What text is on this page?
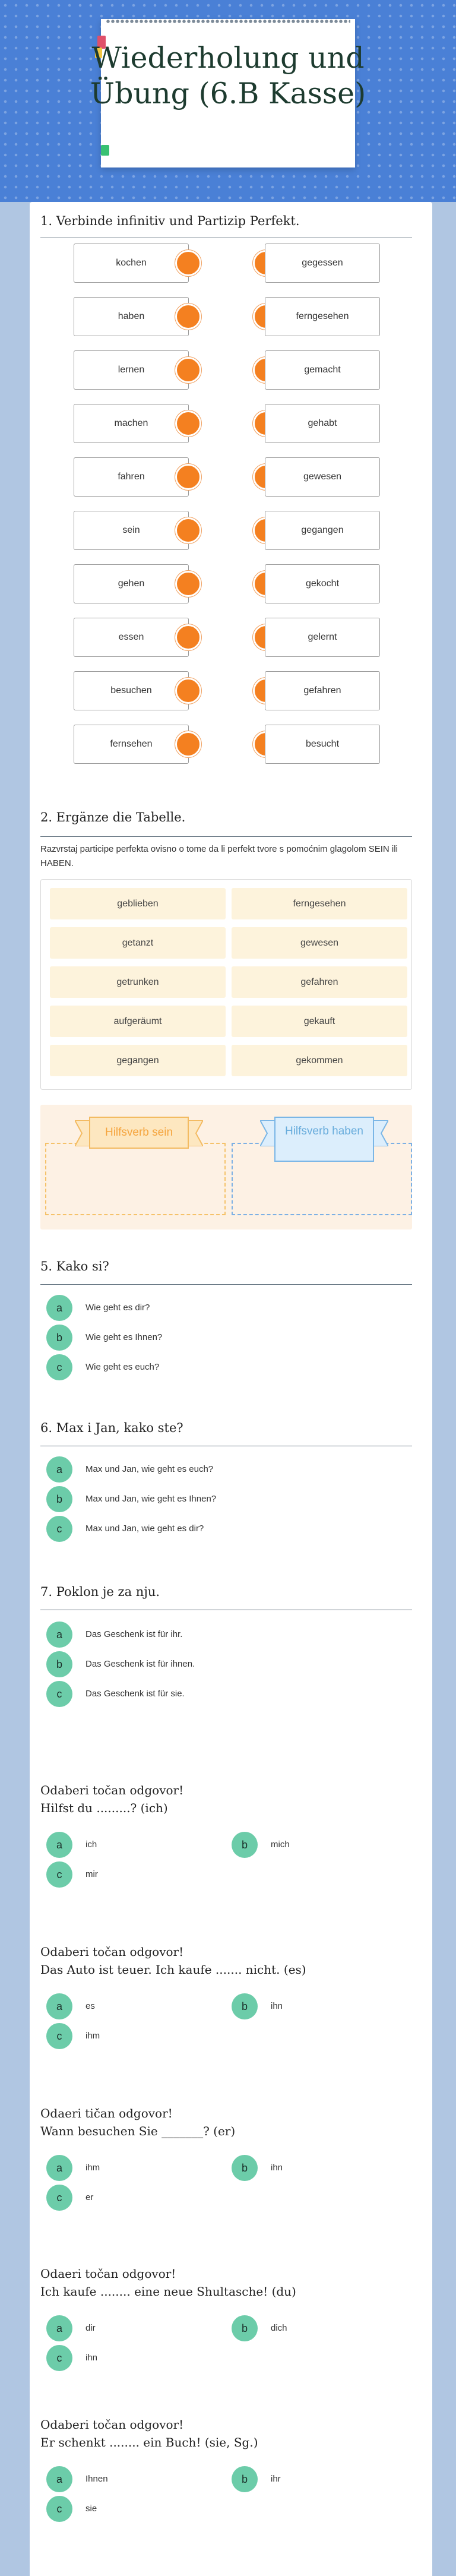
Wiederholung und Übung (6.B Kasse)
1. Verbinde infinitiv und Partizip Perfekt.
kochen	gegessen
haben	ferngesehen
lernen	gemacht
machen	gehabt
fahren	gewesen
sein	gegangen
gehen	gekocht
essen	gelernt
besuchen	gefahren
fernsehen	besucht
2. Ergänze die Tabelle.
Razvrstaj participe perfekta ovisno o tome da li perfekt tvore s pomoćnim glagolom SEIN ili HABEN.
geblieben	ferngesehen
getanzt	gewesen
getrunken	gefahren
aufgeräumt	gekauft
gegangen	gekommen
Hilfsverb sein	Hilfsverb haben
5. Kako si?
a	Wie geht es dir?
b	Wie geht es Ihnen?
c	Wie geht es euch?
6. Max i Jan, kako ste?
a	Max und Jan, wie geht es euch?
b	Max und Jan, wie geht es Ihnen?
c	Max und Jan, wie geht es dir?
7. Poklon je za nju.
a	Das Geschenk ist für ihr.
b	Das Geschenk ist für ihnen.
c	Das Geschenk ist für sie.
Odaberi točan odgovor!
Hilfst du .........? (ich)
a	ich	b	mich
c	mir
Odaberi točan odgovor!
Das Auto ist teuer. Ich kaufe ....... nicht. (es)
a	es	b	ihn
c	ihm
Odaeri tičan odgovor!
Wann besuchen Sie _______? (er)
a	ihm	b	ihn
c	er
Odaeri točan odgovor!
Ich kaufe ........ eine neue Shultasche! (du)
a	dir	b	dich
c	ihn
Odaberi točan odgovor!
Er schenkt ........ ein Buch! (sie, Sg.)
a	Ihnen	b	ihr
c	sie
